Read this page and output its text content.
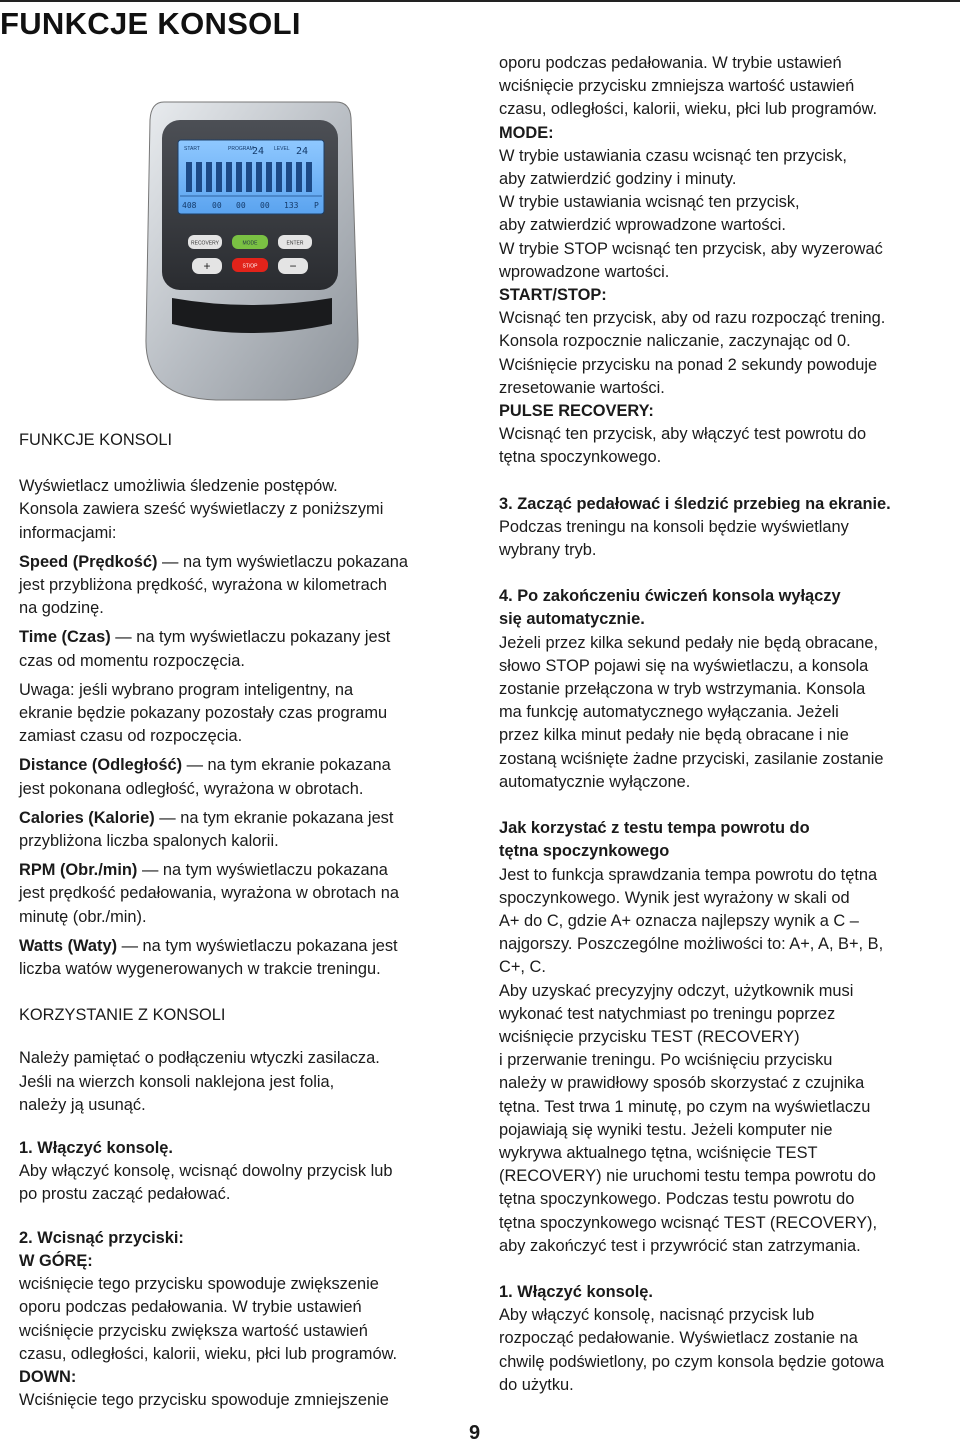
FUNKCJE KONSOLI
START	PROGRAM
24 LEVEL 24
408 00 00 00 133 P
RECOVERY	MODE	ENTER
+	ST/OP	−

FUNKCJE KONSOLI

Wyświetlacz umożliwia śledzenie postępów.

Konsola zawiera sześć wyświetlaczy z poniższymi

informacjami:

Speed (Prędkość) — na tym wyświetlaczu pokazana

jest przybliżona prędkość, wyrażona w kilometrach

na godzinę.

Time (Czas) — na tym wyświetlaczu pokazany jest

czas od momentu rozpoczęcia.

Uwaga: jeśli wybrano program inteligentny, na

ekranie będzie pokazany pozostały czas programu

zamiast czasu od rozpoczęcia.

Distance (Odległość) — na tym ekranie pokazana

jest pokonana odległość, wyrażona w obrotach.

Calories (Kalorie) — na tym ekranie pokazana jest

przybliżona liczba spalonych kalorii.

RPM (Obr./min) — na tym wyświetlaczu pokazana

jest prędkość pedałowania, wyrażona w obrotach na

minutę (obr./min).

Watts (Waty) — na tym wyświetlaczu pokazana jest

liczba watów wygenerowanych w trakcie treningu.

KORZYSTANIE Z KONSOLI

Należy pamiętać o podłączeniu wtyczki zasilacza.

Jeśli na wierzch konsoli naklejona jest folia,

należy ją usunąć.

1. Włączyć konsolę.

Aby włączyć konsolę, wcisnąć dowolny przycisk lub

po prostu zacząć pedałować.

2. Wcisnąć przyciski:

W GÓRĘ:

wciśnięcie tego przycisku spowoduje zwiększenie

oporu podczas pedałowania. W trybie ustawień

wciśnięcie przycisku zwiększa wartość ustawień

czasu, odległości, kalorii, wieku, płci lub programów.

DOWN:

Wciśnięcie tego przycisku spowoduje zmniejszenie

oporu podczas pedałowania. W trybie ustawień

wciśnięcie przycisku zmniejsza wartość ustawień

czasu, odległości, kalorii, wieku, płci lub programów.

MODE:

W trybie ustawiania czasu wcisnąć ten przycisk,

aby zatwierdzić godziny i minuty.

W trybie ustawiania wcisnąć ten przycisk,

aby zatwierdzić wprowadzone wartości.

W trybie STOP wcisnąć ten przycisk, aby wyzerować

wprowadzone wartości.

START/STOP:

Wcisnąć ten przycisk, aby od razu rozpocząć trening.

Konsola rozpocznie naliczanie, zaczynając od 0.

Wciśnięcie przycisku na ponad 2 sekundy powoduje

zresetowanie wartości.

PULSE RECOVERY:

Wcisnąć ten przycisk, aby włączyć test powrotu do

tętna spoczynkowego.

3. Zacząć pedałować i śledzić przebieg na ekranie.

Podczas treningu na konsoli będzie wyświetlany

wybrany tryb.

4. Po zakończeniu ćwiczeń konsola wyłączy

się automatycznie.

Jeżeli przez kilka sekund pedały nie będą obracane,

słowo STOP pojawi się na wyświetlaczu, a konsola

zostanie przełączona w tryb wstrzymania. Konsola

ma funkcję automatycznego wyłączania. Jeżeli

przez kilka minut pedały nie będą obracane i nie

zostaną wciśnięte żadne przyciski, zasilanie zostanie

automatycznie wyłączone.

Jak korzystać z testu tempa powrotu do

tętna spoczynkowego

Jest to funkcja sprawdzania tempa powrotu do tętna

spoczynkowego. Wynik jest wyrażony w skali od

A+ do C, gdzie A+ oznacza najlepszy wynik a C –

najgorszy. Poszczególne możliwości to: A+, A, B+, B,

C+, C.

Aby uzyskać precyzyjny odczyt, użytkownik musi

wykonać test natychmiast po treningu poprzez

wciśnięcie przycisku TEST (RECOVERY)

i przerwanie treningu. Po wciśnięciu przycisku

należy w prawidłowy sposób skorzystać z czujnika

tętna. Test trwa 1 minutę, po czym na wyświetlaczu

pojawiają się wyniki testu. Jeżeli komputer nie

wykrywa aktualnego tętna, wciśnięcie TEST

(RECOVERY) nie uruchomi testu tempa powrotu do

tętna spoczynkowego. Podczas testu powrotu do

tętna spoczynkowego wcisnąć TEST (RECOVERY),

aby zakończyć test i przywrócić stan zatrzymania.

1. Włączyć konsolę.

Aby włączyć konsolę, nacisnąć przycisk lub

rozpocząć pedałowanie. Wyświetlacz zostanie na

chwilę podświetlony, po czym konsola będzie gotowa

do użytku.

9
